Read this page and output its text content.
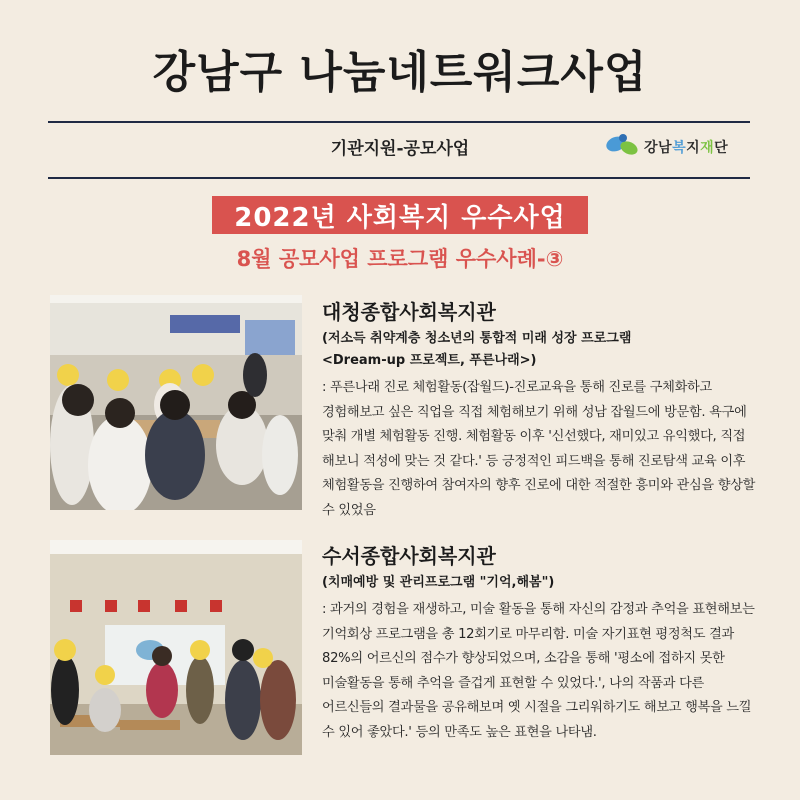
강남구 나눔네트워크사업
기관지원-공모사업	강남복지재단
2022년 사회복지 우수사업
8월 공모사업 프로그램 우수사례-③
대청종합사회복지관
(저소득 취약계층 청소년의 통합적 미래 성장 프로그램
<Dream-up 프로젝트, 푸른나래>)
: 푸른나래 진로 체험활동(잡월드)-진로교육을 통해 진로를 구체화하고 경험해보고 싶은 직업을 직접 체험해보기 위해 성남 잡월드에 방문함. 욕구에 맞춰 개별 체험활동 진행. 체험활동 이후 '신선했다, 재미있고 유익했다, 직접 해보니 적성에 맞는 것 같다.' 등 긍정적인 피드백을 통해 진로탐색 교육 이후 체험활동을 진행하여 참여자의 향후 진로에 대한 적절한 흥미와 관심을 향상할 수 있었음
수서종합사회복지관
(치매예방 및 관리프로그램 "기억,해봄")
: 과거의 경험을 재생하고, 미술 활동을 통해 자신의 감정과 추억을 표현해보는 기억회상 프로그램을 총 12회기로 마무리함. 미술 자기표현 평정척도 결과 82%의 어르신의 점수가 향상되었으며, 소감을 통해 '평소에 접하지 못한 미술활동을 통해 추억을 즐겁게 표현할 수 있었다.', 나의 작품과 다른 어르신들의 결과물을 공유해보며 옛 시절을 그리워하기도 해보고 행복을 느낄 수 있어 좋았다.' 등의 만족도 높은 표현을 나타냄.
